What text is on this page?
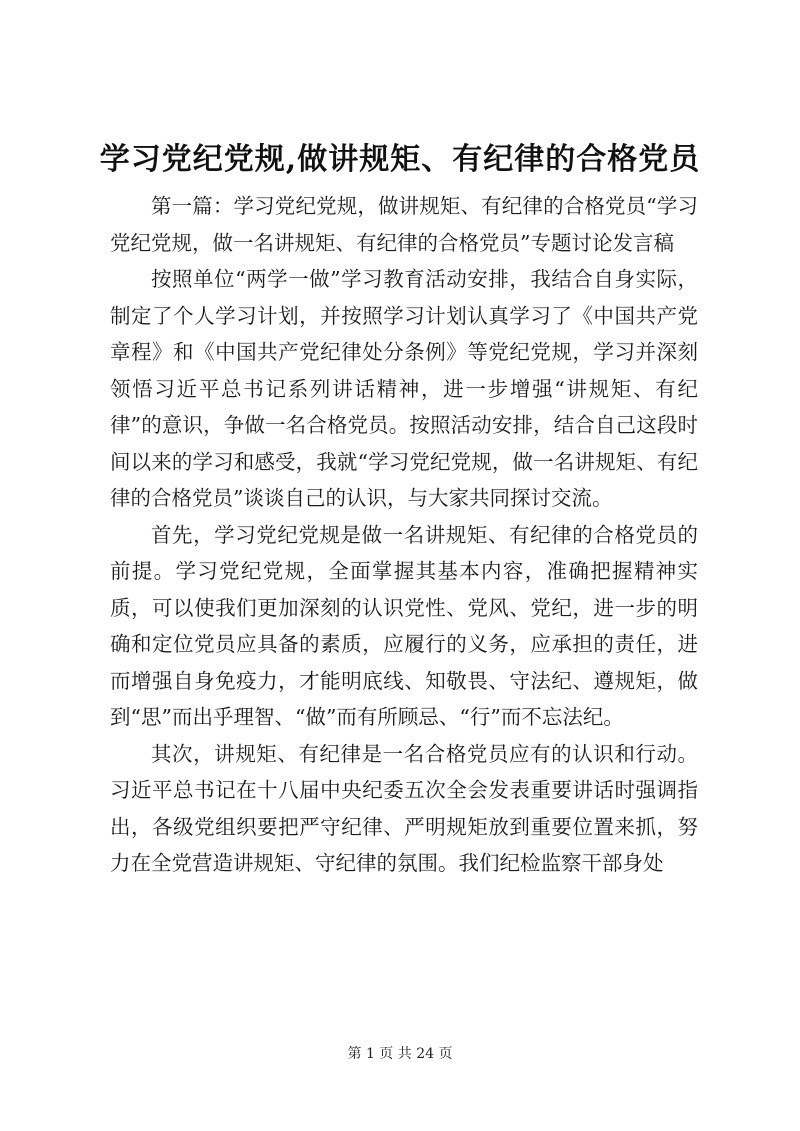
学习党纪党规,做讲规矩、有纪律的合格党员

第一篇：学习党纪党规，做讲规矩、有纪律的合格党员“学习党纪党规，做一名讲规矩、有纪律的合格党员”专题讨论发言稿

按照单位“两学一做”学习教育活动安排，我结合自身实际，制定了个人学习计划，并按照学习计划认真学习了《中国共产党章程》和《中国共产党纪律处分条例》等党纪党规，学习并深刻领悟习近平总书记系列讲话精神，进一步增强“讲规矩、有纪律”的意识，争做一名合格党员。按照活动安排，结合自己这段时间以来的学习和感受，我就“学习党纪党规，做一名讲规矩、有纪律的合格党员”谈谈自己的认识，与大家共同探讨交流。

首先，学习党纪党规是做一名讲规矩、有纪律的合格党员的前提。学习党纪党规，全面掌握其基本内容，准确把握精神实质，可以使我们更加深刻的认识党性、党风、党纪，进一步的明确和定位党员应具备的素质，应履行的义务，应承担的责任，进而增强自身免疫力，才能明底线、知敬畏、守法纪、遵规矩，做到“思”而出乎理智、“做”而有所顾忌、“行”而不忘法纪。

其次，讲规矩、有纪律是一名合格党员应有的认识和行动。习近平总书记在十八届中央纪委五次全会发表重要讲话时强调指出，各级党组织要把严守纪律、严明规矩放到重要位置来抓，努力在全党营造讲规矩、守纪律的氛围。我们纪检监察干部身处

第 1 页 共 24 页
